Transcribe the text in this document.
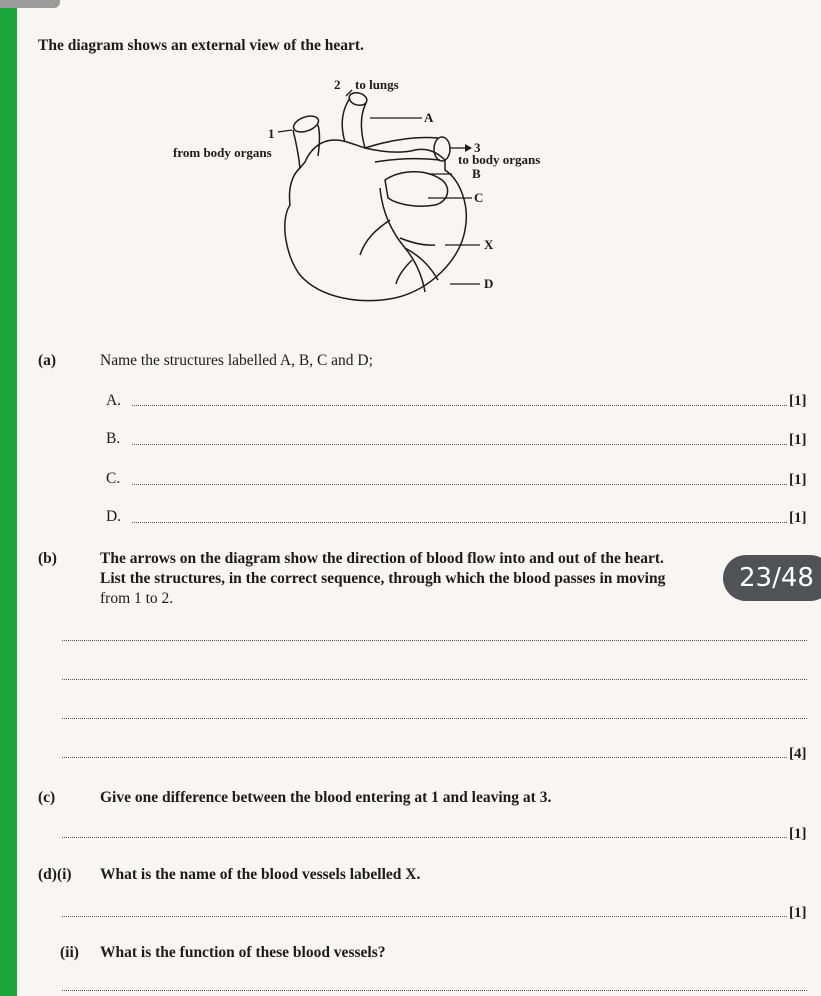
The diagram shows an external view of the heart.
2 to lungs
A
1
from body organs	3
to body organs
B
C
X
D
(a)	Name the structures labelled A, B, C and D;
A.	[1]
B.	[1]
C.	[1]
D.	[1]
(b)	The arrows on the diagram show the direction of blood flow into and out of the heart.
List the structures, in the correct sequence, through which the blood passes in moving
from 1 to 2.
23/48
[4]
(c)	Give one difference between the blood entering at 1 and leaving at 3.
[1]
(d)(i) What is the name of the blood vessels labelled X.
[1]
(ii) What is the function of these blood vessels?
